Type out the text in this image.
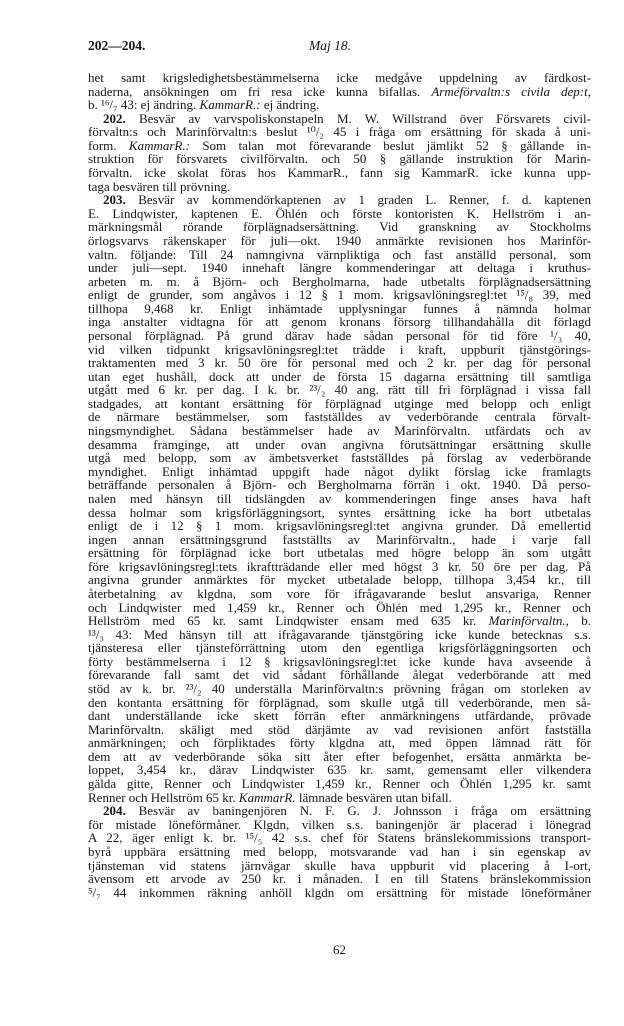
202—204.	Maj 18.
het samt krigsledighetsbestämmelserna icke medgåve uppdelning av färdkost-
naderna, ansökningen om fri resa icke kunna bifallas. Arméförvaltn:s civila dep:t,
b. ¹⁶/₇ 43: ej ändring. KammarR.: ej ändring.
202. Besvär av varvspoliskonstapeln M. W. Willstrand över Försvarets civil-
förvaltn:s och Marinförvaltn:s beslut ¹⁰/₂ 45 i fråga om ersättning för skada å uni-
form. KammarR.: Som talan mot förevarande beslut jämlikt 52 § gällande in-
struktion för försvarets civilförvaltn. och 50 § gällande instruktion för Marin-
förvaltn. icke skolat föras hos KammarR., fann sig KammarR. icke kunna upp-
taga besvären till prövning.
203. Besvär av kommendörkaptenen av 1 graden L. Renner, f. d. kaptenen
E. Lindqwister, kaptenen E. Öhlén och förste kontoristen K. Hellström i an-
märkningsmål rörande förplägnadsersättning. Vid granskning av Stockholms
örlogsvarvs räkenskaper för juli—okt. 1940 anmärkte revisionen hos Marinför-
valtn. följande: Till 24 namngivna värnpliktiga och fast anställd personal, som
under juli—sept. 1940 innehaft längre kommenderingar att deltaga i kruthus-
arbeten m. m. å Björn- och Bergholmarna, hade utbetalts förplägnadsersättning
enligt de grunder, som angåvos i 12 § 1 mom. krigsavlöningsregl:tet ¹⁵/₈ 39, med
tillhopa 9,468 kr. Enligt inhämtade upplysningar funnes å nämnda holmar
inga anstalter vidtagna för att genom kronans försorg tillhandahålla dit förlagd
personal förplägnad. På grund därav hade sådan personal för tid före ¹/₃ 40,
vid vilken tidpunkt krigsavlöningsregl:tet trädde i kraft, uppburit tjänstgörings-
traktamenten med 3 kr. 50 öre för personal med och 2 kr. per dag för personal
utan eget hushåll, dock att under de första 15 dagarna ersättning till samtliga
utgått med 6 kr. per dag. I k. br. ²³/₂ 40 ang. rätt till fri förplägnad i vissa fall
stadgades, att kontant ersättning för förplägnad utginge med belopp och enligt
de närmare bestämmelser, som fastställdes av vederbörande centrala förvalt-
ningsmyndighet. Sådana bestämmelser hade av Marinförvaltn. utfärdats och av
desamma framginge, att under ovan angivna förutsättningar ersättning skulle
utgå med belopp, som av ämbetsverket fastställdes på förslag av vederbörande
myndighet. Enligt inhämtad uppgift hade något dylikt förslag icke framlagts
beträffande personalen å Björn- och Bergholmarna förrän i okt. 1940. Då perso-
nalen med hänsyn till tidslängden av kommenderingen finge anses hava haft
dessa holmar som krigsförläggningsort, syntes ersättning icke ha bort utbetalas
enligt de i 12 § 1 mom. krigsavlöningsregl:tet angivna grunder. Då emellertid
ingen annan ersättningsgrund fastställts av Marinförvaltn., hade i varje fall
ersättning för förplägnad icke bort utbetalas med högre belopp än som utgått
före krigsavlöningsregl:tets ikraftträdande eller med högst 3 kr. 50 öre per dag. På
angivna grunder anmärktes för mycket utbetalade belopp, tillhopa 3,454 kr., till
återbetalning av klgdna, som vore för ifrågavarande beslut ansvariga, Renner
och Lindqwister med 1,459 kr., Renner och Öhlén med 1,295 kr., Renner och
Hellström med 65 kr. samt Lindqwister ensam med 635 kr. Marinförvaltn., b.
¹³/₃ 43: Med hänsyn till att ifrågavarande tjänstgöring icke kunde betecknas s.s.
tjänsteresa eller tjänsteförrättning utom den egentliga krigsförläggningsorten och
förty bestämmelserna i 12 § krigsavlöningsregl:tet icke kunde hava avseende å
förevarande fall samt det vid sådant förhållande ålegat vederbörande att med
stöd av k. br. ²³/₂ 40 underställa Marinförvaltn:s prövning frågan om storleken av
den kontanta ersättning för förplägnad, som skulle utgå till vederbörande, men så-
dant underställande icke skett förrän efter anmärkningens utfärdande, prövade
Marinförvaltn. skäligt med stöd därjämte av vad revisionen anfört fastställa
anmärkningen; och förpliktades förty klgdna att, med öppen lämnad rätt för
dem att av vederbörande söka sitt åter efter befogenhet, ersätta anmärkta be-
loppet, 3,454 kr., därav Lindqwister 635 kr. samt, gemensamt eller vilkendera
gälda gitte, Renner och Lindqwister 1,459 kr., Renner och Öhlén 1,295 kr. samt
Renner och Hellström 65 kr. KammarR. lämnade besvären utan bifall.
204. Besvär av baningenjören N. F. G. J. Johnsson i fråga om ersättning
för mistade löneförmåner. Klgdn, vilken s.s. baningenjör är placerad i lönegrad
A 22, äger enligt k. br. ¹⁵/₅ 42 s.s. chef för Statens bränslekommissions transport-
byrå uppbära ersättning med belopp, motsvarande vad han i sin egenskap av
tjänsteman vid statens järnvägar skulle hava uppburit vid placering å I-ort,
ävensom ett arvode av 250 kr. i månaden. I en till Statens bränslekommission
⁵/₇ 44 inkommen räkning anhöll klgdn om ersättning för mistade löneförmåner
62
